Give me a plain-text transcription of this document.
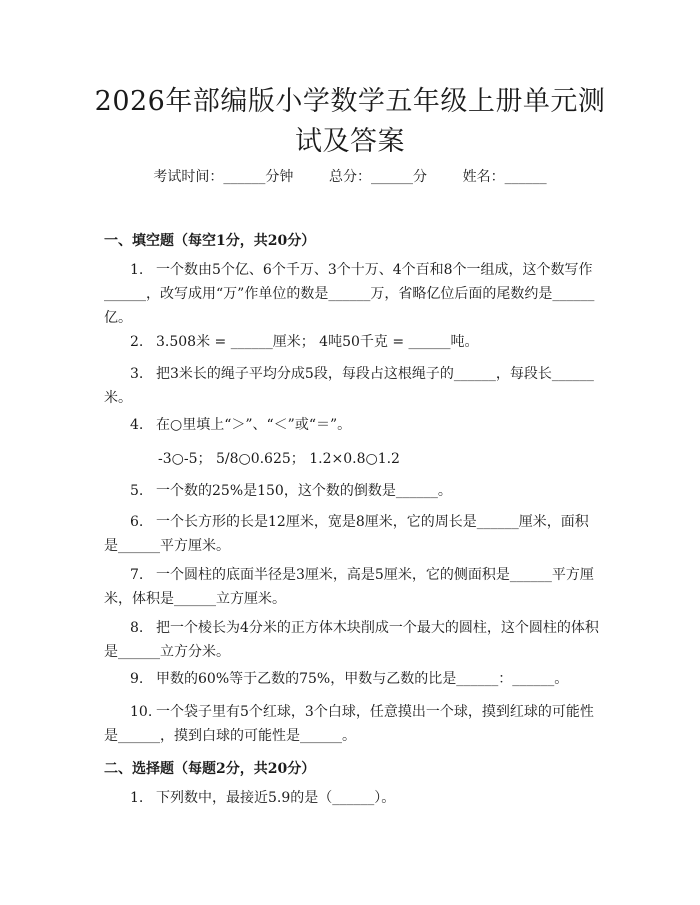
2026年部编版小学数学五年级上册单元测试及答案
考试时间：______分钟	总分：______分	姓名：______
一、填空题（每空1分，共20分）
1. 一个数由5个亿、6个千万、3个十万、4个百和8个一组成，这个数写作______，改写成用“万”作单位的数是______万，省略亿位后面的尾数约是______亿。
2. 3.508米 = ______厘米； 4吨50千克 = ______吨。
3. 把3米长的绳子平均分成5段，每段占这根绳子的______，每段长______米。
4. 在○里填上“＞”、“＜”或“＝”。
-3○-5； 5/8○0.625； 1.2×0.8○1.2
5. 一个数的25%是150，这个数的倒数是______。
6. 一个长方形的长是12厘米，宽是8厘米，它的周长是______厘米，面积是______平方厘米。
7. 一个圆柱的底面半径是3厘米，高是5厘米，它的侧面积是______平方厘米，体积是______立方厘米。
8. 把一个棱长为4分米的正方体木块削成一个最大的圆柱，这个圆柱的体积是______立方分米。
9. 甲数的60%等于乙数的75%，甲数与乙数的比是______：______。
10. 一个袋子里有5个红球，3个白球，任意摸出一个球，摸到红球的可能性是______，摸到白球的可能性是______。
二、选择题（每题2分，共20分）
1. 下列数中，最接近5.9的是（______）。
